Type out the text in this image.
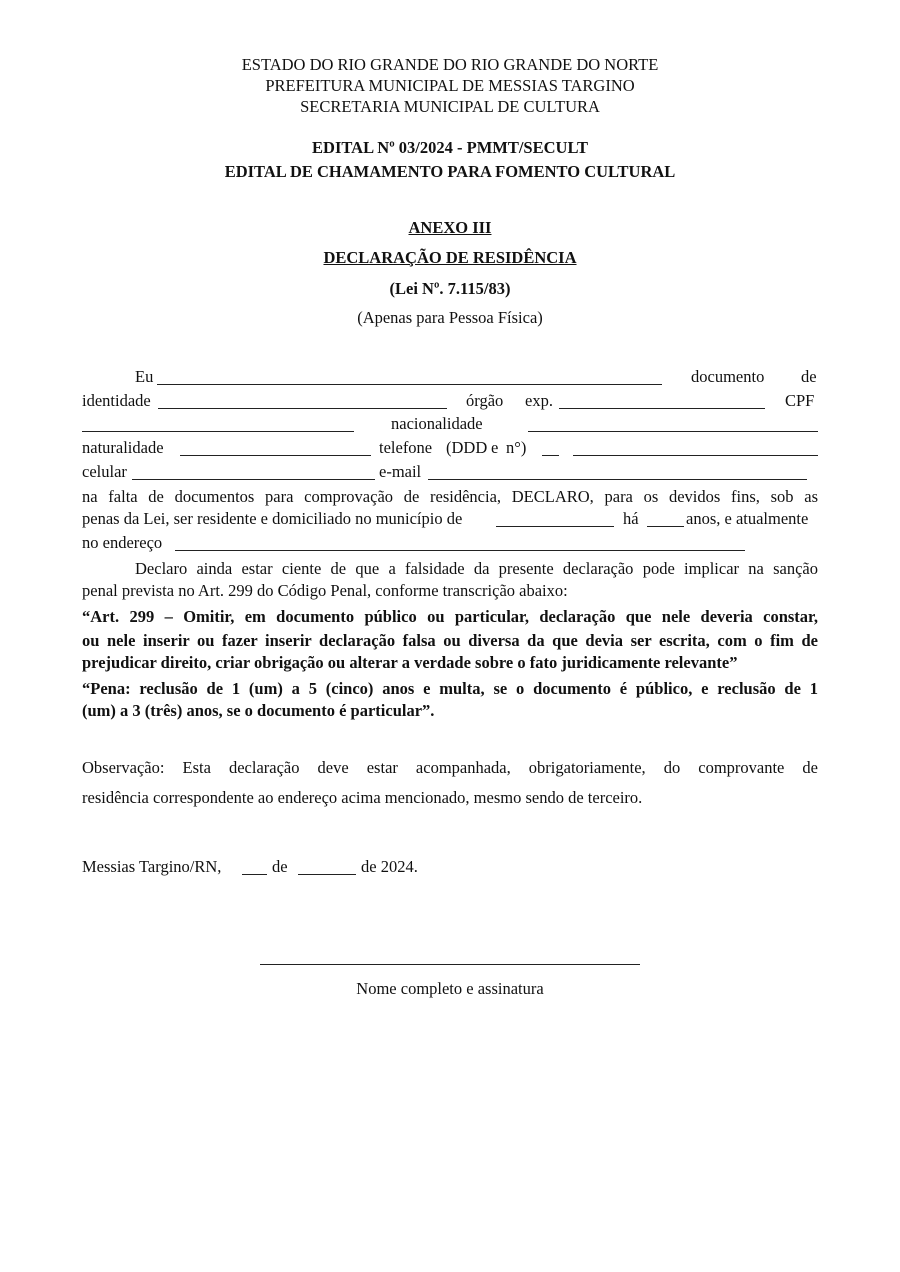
ESTADO DO RIO GRANDE DO RIO GRANDE DO NORTE
PREFEITURA MUNICIPAL DE MESSIAS TARGINO
SECRETARIA MUNICIPAL DE CULTURA
EDITAL Nº 03/2024 - PMMT/SECULT
EDITAL DE CHAMAMENTO PARA FOMENTO CULTURAL
ANEXO III
DECLARAÇÃO DE RESIDÊNCIA
(Lei Nº. 7.115/83)
(Apenas para Pessoa Física)
Eu	documento de
identidade	órgão exp.	CPF
nacionalidade
naturalidade	telefone (DDD e n°)
celular	e-mail
na falta de documentos para comprovação de residência, DECLARO, para os devidos fins, sob as
penas da Lei, ser residente e domiciliado no município de	há	anos, e atualmente
no endereço
Declaro ainda estar ciente de que a falsidade da presente declaração pode implicar na sanção
penal prevista no Art. 299 do Código Penal, conforme transcrição abaixo:
“Art. 299 – Omitir, em documento público ou particular, declaração que nele deveria constar,
ou nele inserir ou fazer inserir declaração falsa ou diversa da que devia ser escrita, com o fim de
prejudicar direito, criar obrigação ou alterar a verdade sobre o fato juridicamente relevante”
“Pena: reclusão de 1 (um) a 5 (cinco) anos e multa, se o documento é público, e reclusão de 1
(um) a 3 (três) anos, se o documento é particular”.
Observação: Esta declaração deve estar acompanhada, obrigatoriamente, do comprovante de
residência correspondente ao endereço acima mencionado, mesmo sendo de terceiro.
Messias Targino/RN,	de	de 2024.
Nome completo e assinatura
